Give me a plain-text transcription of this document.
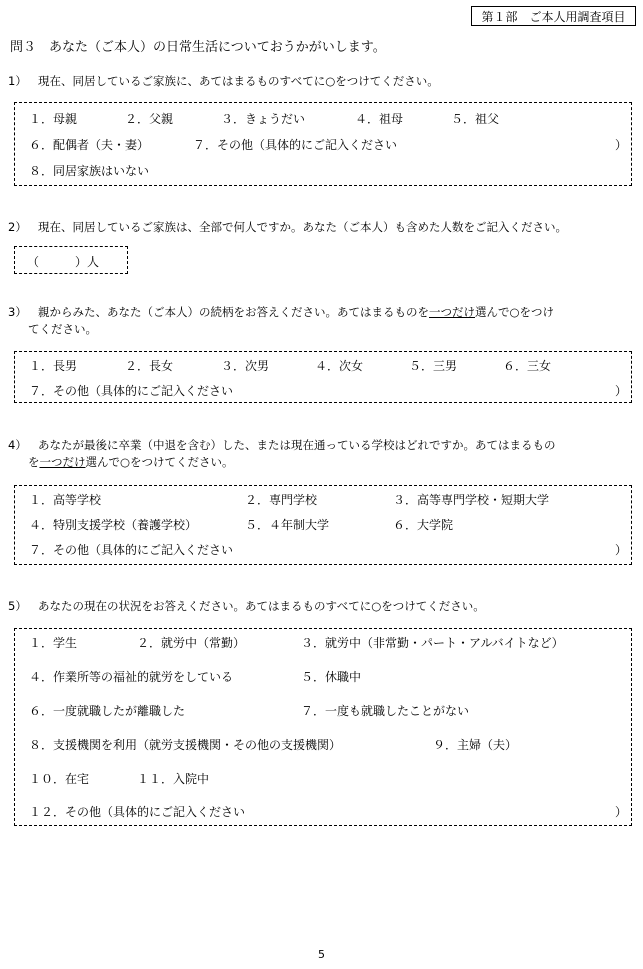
第１部　ご本人用調査項目
問３　あなた（ご本人）の日常生活についておうかがいします。
1） 現在、同居しているご家族に、あてはまるものすべてに○をつけてください。
１．母親	２．父親	３．きょうだい	４．祖母	５．祖父
６．配偶者（夫・妻）	７．その他（具体的にご記入ください	）
８．同居家族はいない
2） 現在、同居しているご家族は、全部で何人ですか。あなた（ご本人）も含めた人数をご記入ください。
（　　　）人
3） 親からみた、あなた（ご本人）の続柄をお答えください。あてはまるものを一つだけ選んで○をつけ
てください。
１．長男	２．長女	３．次男	４．次女	５．三男	６．三女
７．その他（具体的にご記入ください	）
4） あなたが最後に卒業（中退を含む）した、または現在通っている学校はどれですか。あてはまるもの
を一つだけ選んで○をつけてください。
１．高等学校	２．専門学校	３．高等専門学校・短期大学
４．特別支援学校（養護学校）	５．４年制大学	６．大学院
７．その他（具体的にご記入ください	）
5） あなたの現在の状況をお答えください。あてはまるものすべてに○をつけてください。
１．学生	２．就労中（常勤）	３．就労中（非常勤・パート・アルバイトなど）
４．作業所等の福祉的就労をしている	５．休職中
６．一度就職したが離職した	７．一度も就職したことがない
８．支援機関を利用（就労支援機関・その他の支援機関）	９．主婦（夫）
１０．在宅	１１．入院中
１２．その他（具体的にご記入ください	）
5
